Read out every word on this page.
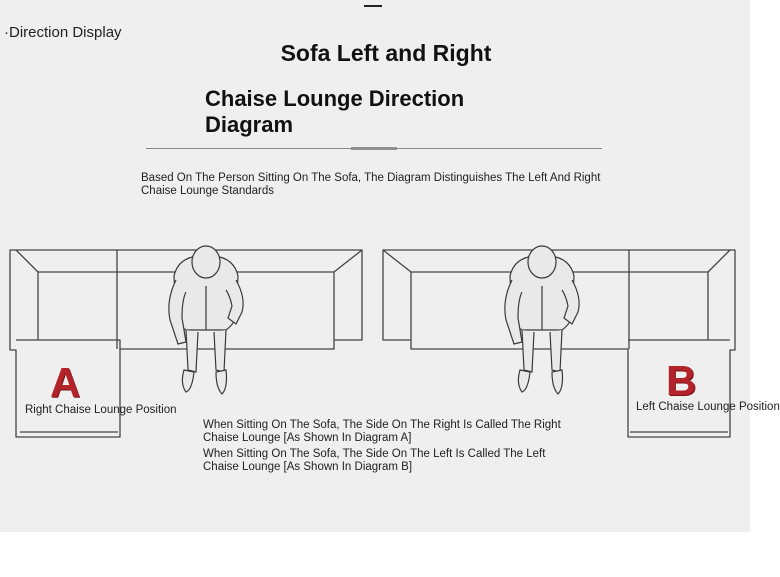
·Direction Display
Sofa Left and Right
Chaise Lounge Direction Diagram
Based On The Person Sitting On The Sofa, The Diagram Distinguishes The Left And Right Chaise Lounge Standards
A
Right Chaise Lounge Position
B
Left Chaise Lounge Position
When Sitting On The Sofa, The Side On The Right Is Called The Right Chaise Lounge [As Shown In Diagram A]
When Sitting On The Sofa, The Side On The Left Is Called The Left Chaise Lounge [As Shown In Diagram B]
